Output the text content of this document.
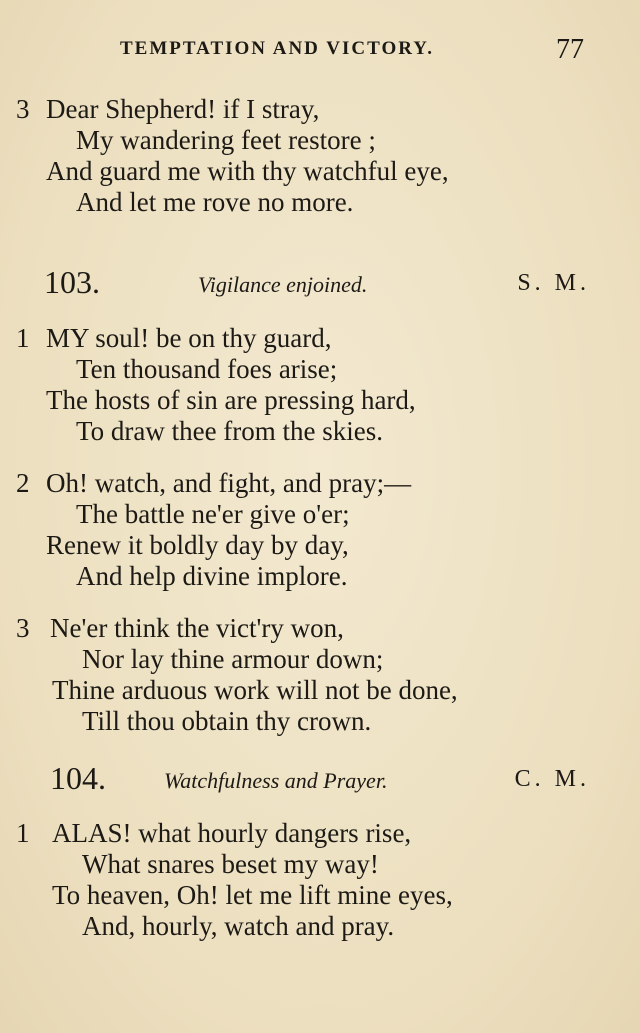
TEMPTATION AND VICTORY.	77
3 Dear Shepherd! if I stray,
My wandering feet restore ;
And guard me with thy watchful eye,
And let me rove no more.
103.	Vigilance enjoined.	S. M.
1 MY soul! be on thy guard,
Ten thousand foes arise;
The hosts of sin are pressing hard,
To draw thee from the skies.
2 Oh! watch, and fight, and pray;—
The battle ne'er give o'er;
Renew it boldly day by day,
And help divine implore.
3 Ne'er think the vict'ry won,
Nor lay thine armour down;
Thine arduous work will not be done,
Till thou obtain thy crown.
104.	Watchfulness and Prayer.	C. M.
1 ALAS! what hourly dangers rise,
What snares beset my way!
To heaven, Oh! let me lift mine eyes,
And, hourly, watch and pray.
